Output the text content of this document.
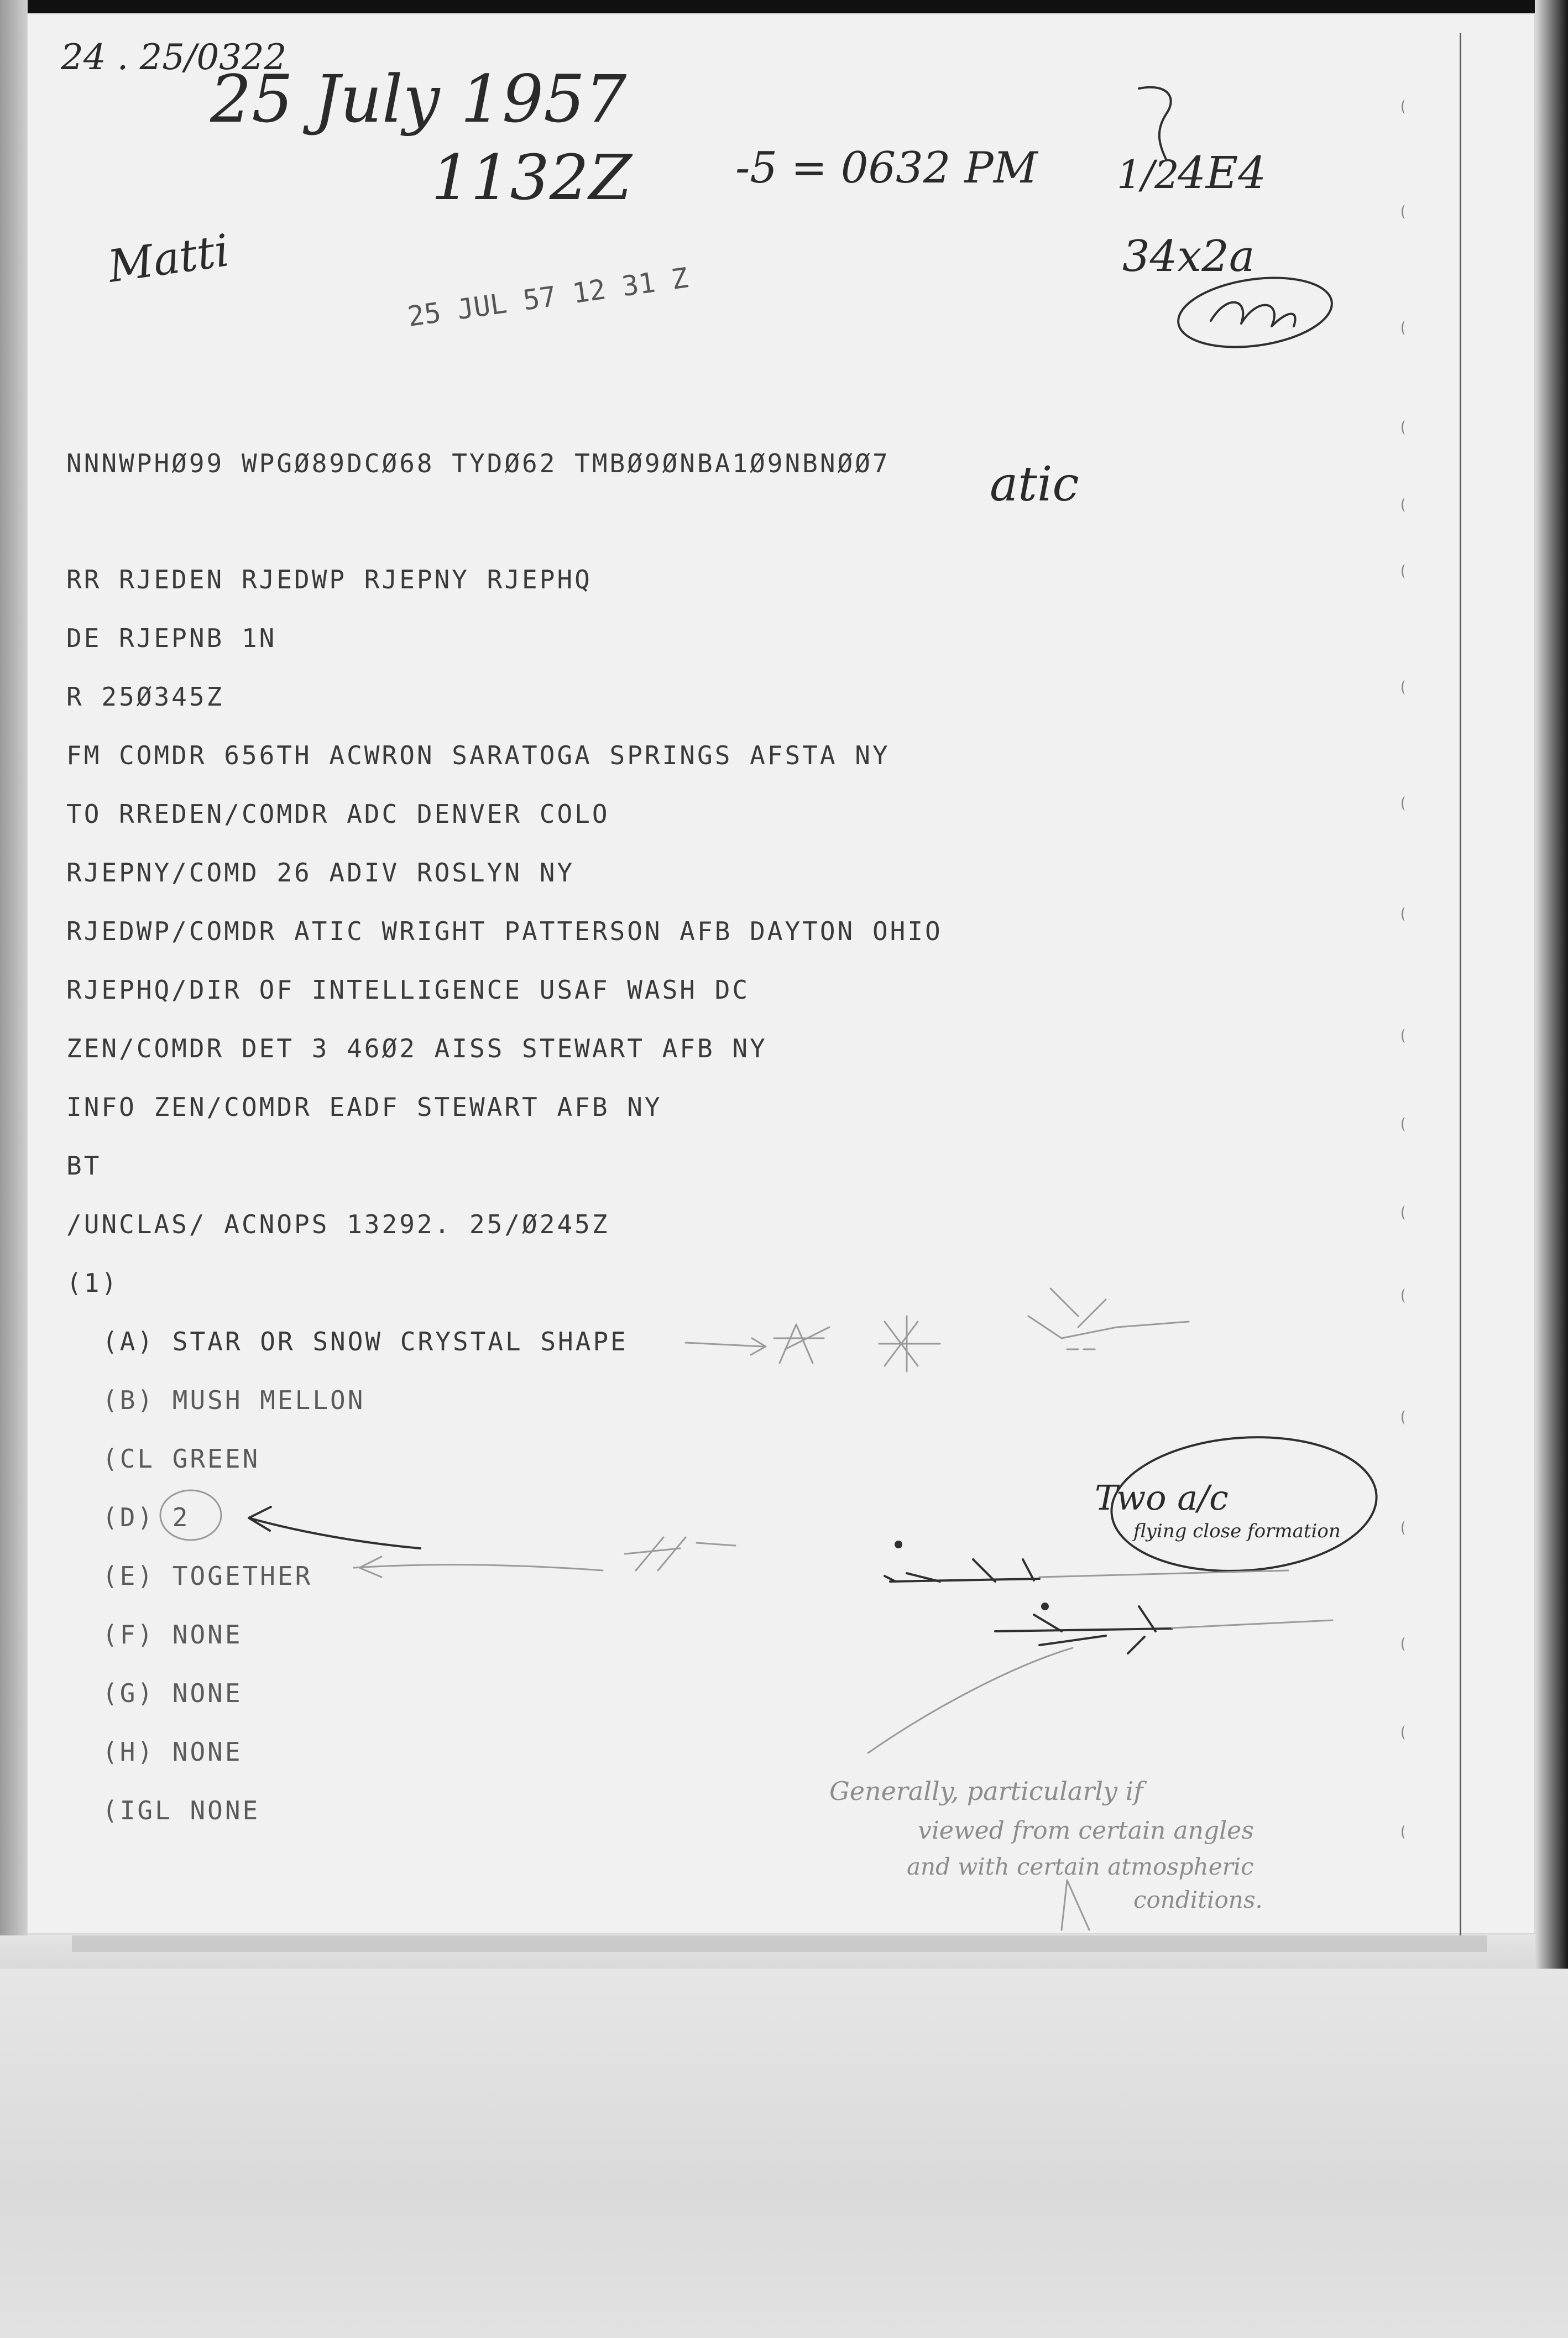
NNNWPHØ99 WPGØ89DCØ68 TYDØ62 TMBØ9ØNBA1Ø9NBNØØ7

RR RJEDEN RJEDWP RJEPNY RJEPHQ

DE RJEPNB 1N

R 25Ø345Z

FM COMDR 656TH ACWRON SARATOGA SPRINGS AFSTA NY

TO RREDEN/COMDR ADC DENVER COLO

RJEPNY/COMD 26 ADIV ROSLYN NY

RJEDWP/COMDR ATIC WRIGHT PATTERSON AFB DAYTON OHIO

RJEPHQ/DIR OF INTELLIGENCE USAF WASH DC

ZEN/COMDR DET 3 46Ø2 AISS STEWART AFB NY

INFO ZEN/COMDR EADF STEWART AFB NY

BT

/UNCLAS/ ACNOPS 13292. 25/Ø245Z

(1)

(A) STAR OR SNOW CRYSTAL SHAPE

(B) MUSH MELLON

(CL GREEN

(D) 2

(E) TOGETHER

(F) NONE

(G) NONE

(H) NONE

(IGL NONE

24 . 25/0322
25 July 1957
1132Z -5 = 0632 PM 1/2
4E4
34x2a
Matti
atic
25 JUL 57 12 31 Z
Two a/c
flying close formation
Generally, particularly if
viewed from certain angles
and with certain atmospheric
conditions.
